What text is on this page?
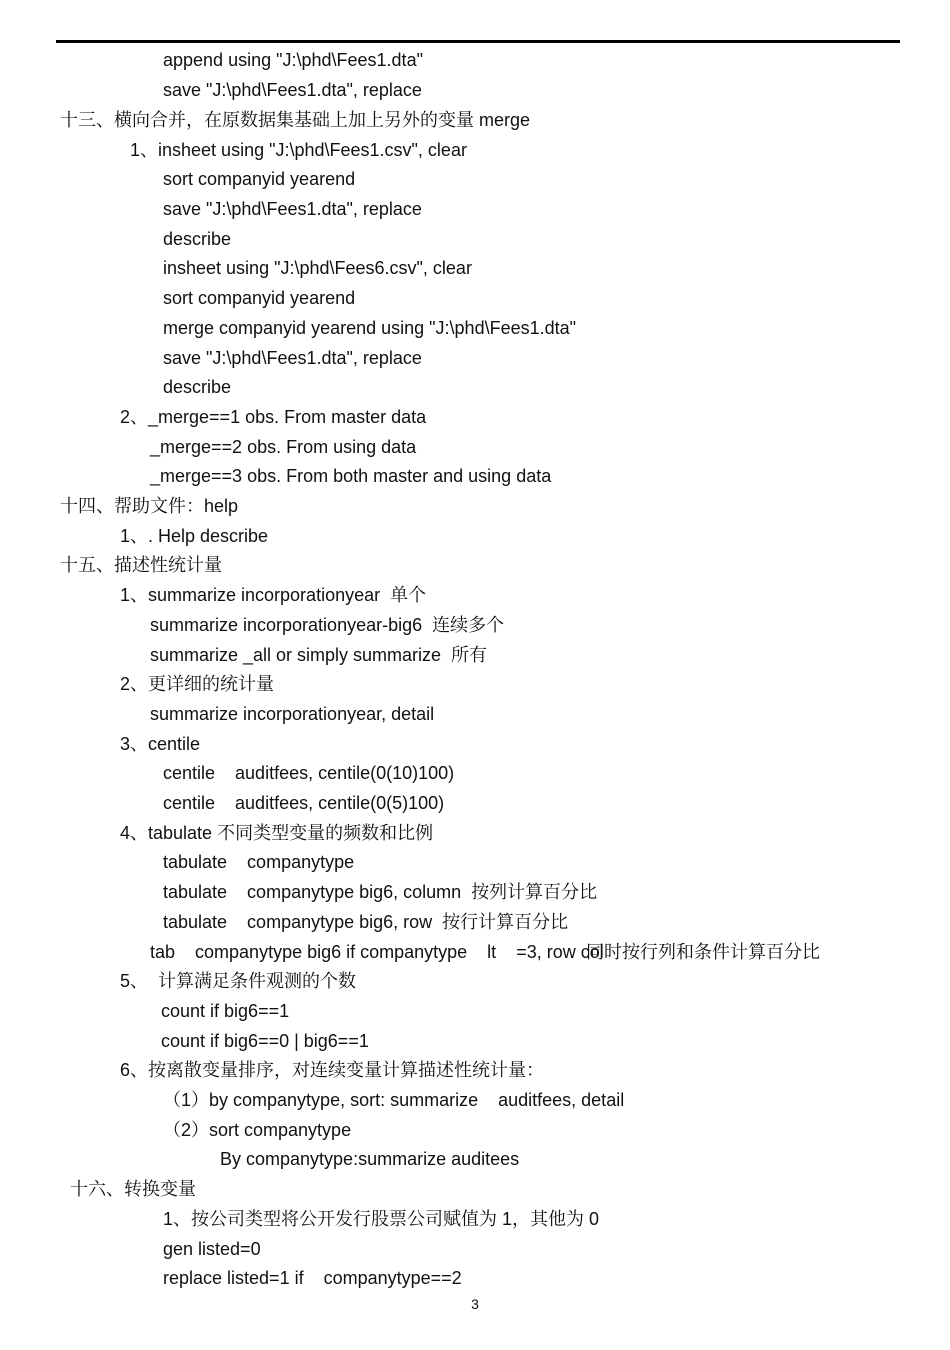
append using "J:\phd\Fees1.dta"
save "J:\phd\Fees1.dta", replace
十三、横向合并，在原数据集基础上加上另外的变量 merge
1、insheet using "J:\phd\Fees1.csv", clear
sort companyid yearend
save "J:\phd\Fees1.dta", replace
describe
insheet using "J:\phd\Fees6.csv", clear
sort companyid yearend
merge companyid yearend using "J:\phd\Fees1.dta"
save "J:\phd\Fees1.dta", replace
describe
2、_merge==1 obs. From master data
_merge==2 obs. From using data
_merge==3 obs. From both master and using data
十四、帮助文件：help
1、. Help describe
十五、描述性统计量
1、summarize incorporationyear  单个
summarize incorporationyear-big6  连续多个
summarize _all or simply summarize  所有
2、更详细的统计量
summarize incorporationyear, detail
3、centile
centile    auditfees, centile(0(10)100)
centile    auditfees, centile(0(5)100)
4、tabulate 不同类型变量的频数和比例
tabulate    companytype
tabulate    companytype big6, column  按列计算百分比
tabulate    companytype big6, row  按行计算百分比
tab    companytype big6 if companytype    lt    =3, row col
同时按行列和条件计算百分比
5、  计算满足条件观测的个数
count if big6==1
count if big6==0 | big6==1
6、按离散变量排序，对连续变量计算描述性统计量：
（1）by companytype, sort: summarize    auditfees, detail
（2）sort companytype
By companytype:summarize auditees
十六、转换变量
1、按公司类型将公开发行股票公司赋值为 1，其他为 0
gen listed=0
replace listed=1 if    companytype==2
3
